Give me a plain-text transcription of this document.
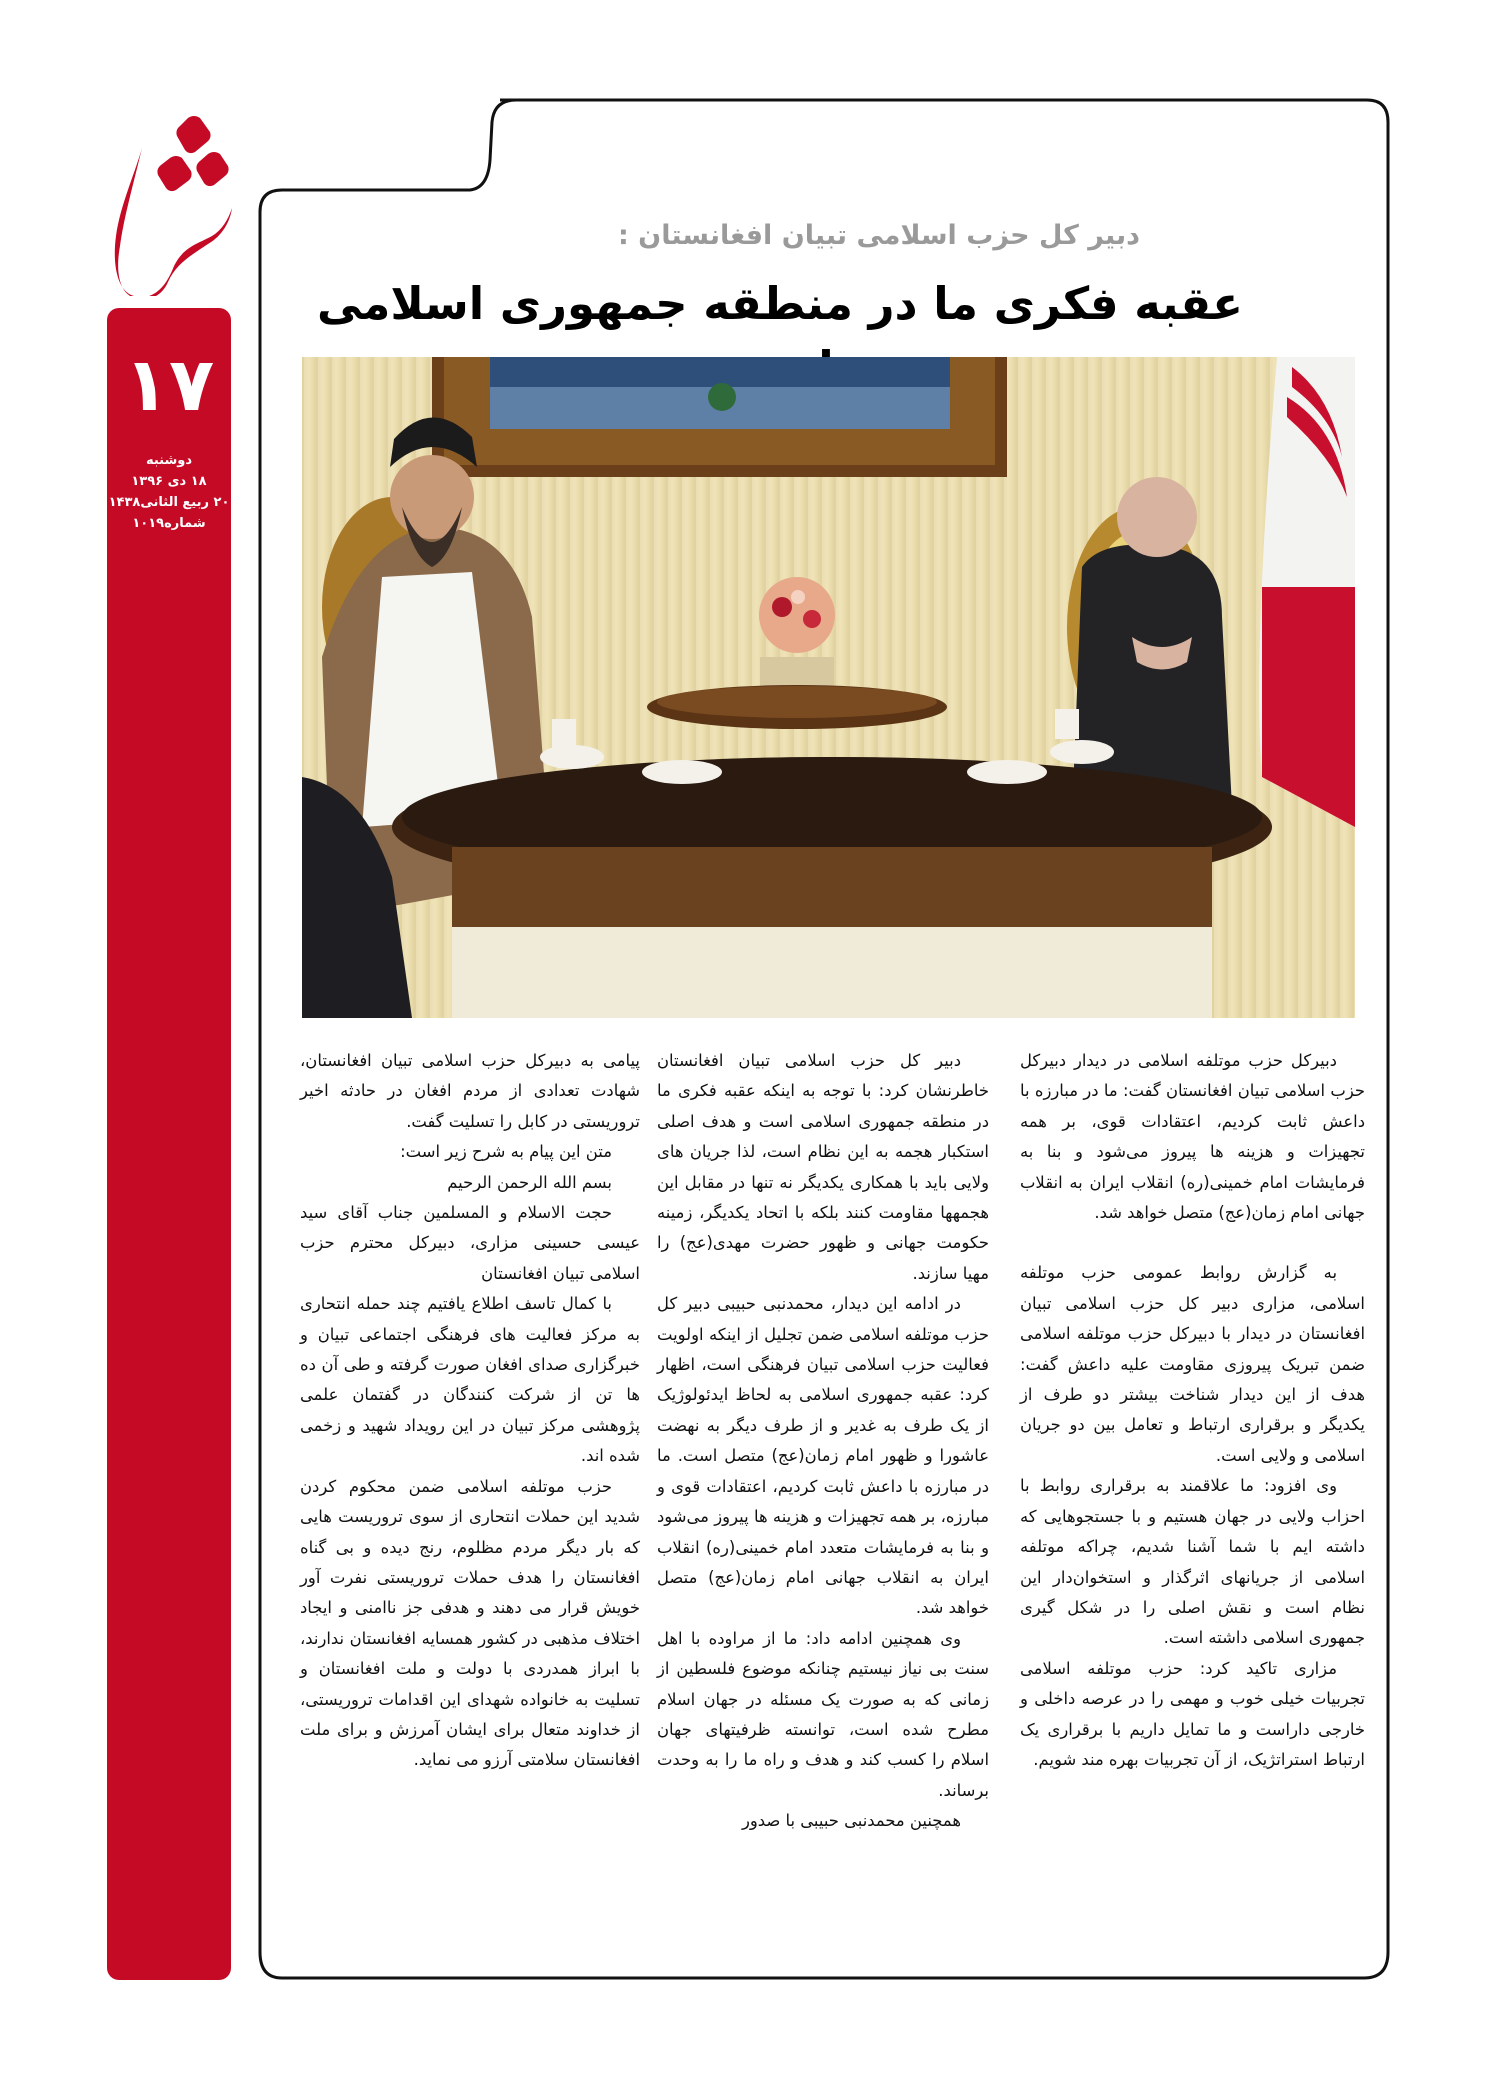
۱۷
دوشنبه
۱۸ دی ۱۳۹۶
۲۰ ربیع الثانی۱۴۳۸
شماره۱۰۱۹
دبیر کل حزب اسلامی تبیان افغانستان :
عقبه فکری ما در منطقه جمهوری اسلامی

دبیرکل حزب موتلفه اسلامی در دیدار دبیرکل حزب اسلامی تبیان افغانستان گفت: ما در مبارزه با داعش ثابت کردیم، اعتقادات قوی، بر همه تجهیزات و هزینه ها پیروز می‌شود و بنا به فرمایشات امام خمینی(ره) انقلاب ایران به انقلاب جهانی امام زمان(عج) متصل خواهد شد.

به گزارش روابط عمومی حزب موتلفه اسلامی، مزاری دبیر کل حزب اسلامی تبیان افغانستان در دیدار با دبیرکل حزب موتلفه اسلامی ضمن تبریک پیروزی مقاومت علیه داعش گفت: هدف از این دیدار شناخت بیشتر دو طرف از یکدیگر و برقراری ارتباط و تعامل بین دو جریان اسلامی و ولایی است.

وی افزود: ما علاقمند به برقراری روابط با احزاب ولایی در جهان هستیم و با جستجوهایی که داشته ایم با شما آشنا شدیم، چراکه موتلفه اسلامی از جریانهای اثرگذار و استخوان‌دار این نظام است و نقش اصلی را در شکل گیری جمهوری اسلامی داشته است.

مزاری تاکید کرد: حزب موتلفه اسلامی تجربیات خیلی خوب و مهمی را در عرصه داخلی و خارجی داراست و ما تمایل داریم با برقراری یک ارتباط استراتژیک، از آن تجربیات بهره مند شویم.

دبیر کل حزب اسلامی تبیان افغانستان خاطرنشان کرد: با توجه به اینکه عقبه فکری ما در منطقه جمهوری اسلامی است و هدف اصلی استکبار هجمه به این نظام است، لذا جریان های ولایی باید با همکاری یکدیگر نه تنها در مقابل این هجمهها مقاومت کنند بلکه با اتحاد یکدیگر، زمینه حکومت جهانی و ظهور حضرت مهدی(عج) را مهیا سازند.

در ادامه این دیدار، محمدنبی حبیبی دبیر کل حزب موتلفه اسلامی ضمن تجلیل از اینکه اولویت فعالیت حزب اسلامی تبیان فرهنگی است، اظهار کرد: عقبه جمهوری اسلامی به لحاظ ایدئولوژیک از یک طرف به غدیر و از طرف دیگر به نهضت عاشورا و ظهور امام زمان(عج) متصل است. ما در مبارزه با داعش ثابت کردیم، اعتقادات قوی و مبارزه، بر همه تجهیزات و هزینه ها پیروز می‌شود و بنا به فرمایشات متعدد امام خمینی(ره) انقلاب ایران به انقلاب جهانی امام زمان(عج) متصل خواهد شد.

وی همچنین ادامه داد: ما از مراوده با اهل سنت بی نیاز نیستیم چنانکه موضوع فلسطین از زمانی که به صورت یک مسئله در جهان اسلام مطرح شده است، توانسته ظرفیتهای جهان اسلام را کسب کند و هدف و راه ما را به وحدت برساند.

همچنین محمدنبی حبیبی با صدور

پیامی به دبیرکل حزب اسلامی تبیان افغانستان، شهادت تعدادی از مردم افغان در حادثه اخیر تروریستی در کابل را تسلیت گفت.

متن این پیام به شرح زیر است:

بسم الله الرحمن الرحیم

حجت الاسلام و المسلمین جناب آقای سید عیسی حسینی مزاری، دبیرکل محترم حزب اسلامی تبیان افغانستان

با کمال تاسف اطلاع یافتیم چند حمله انتحاری به مرکز فعالیت های فرهنگی اجتماعی تبیان و خبرگزاری صدای افغان صورت گرفته و طی آن ده ها تن از شرکت کنندگان در گفتمان علمی پژوهشی مرکز تبیان در این رویداد شهید و زخمی شده اند.

حزب موتلفه اسلامی ضمن محکوم کردن شدید این حملات انتحاری از سوی تروریست هایی که بار دیگر مردم مظلوم، رنج دیده و بی گناه افغانستان را هدف حملات تروریستی نفرت آور خویش قرار می دهند و هدفی جز ناامنی و ایجاد اختلاف مذهبی در کشور همسایه افغانستان ندارند، با ابراز همدردی با دولت و ملت افغانستان و تسلیت به خانواده شهدای این اقدامات تروریستی، از خداوند متعال برای ایشان آمرزش و برای ملت افغانستان سلامتی آرزو می نماید.
